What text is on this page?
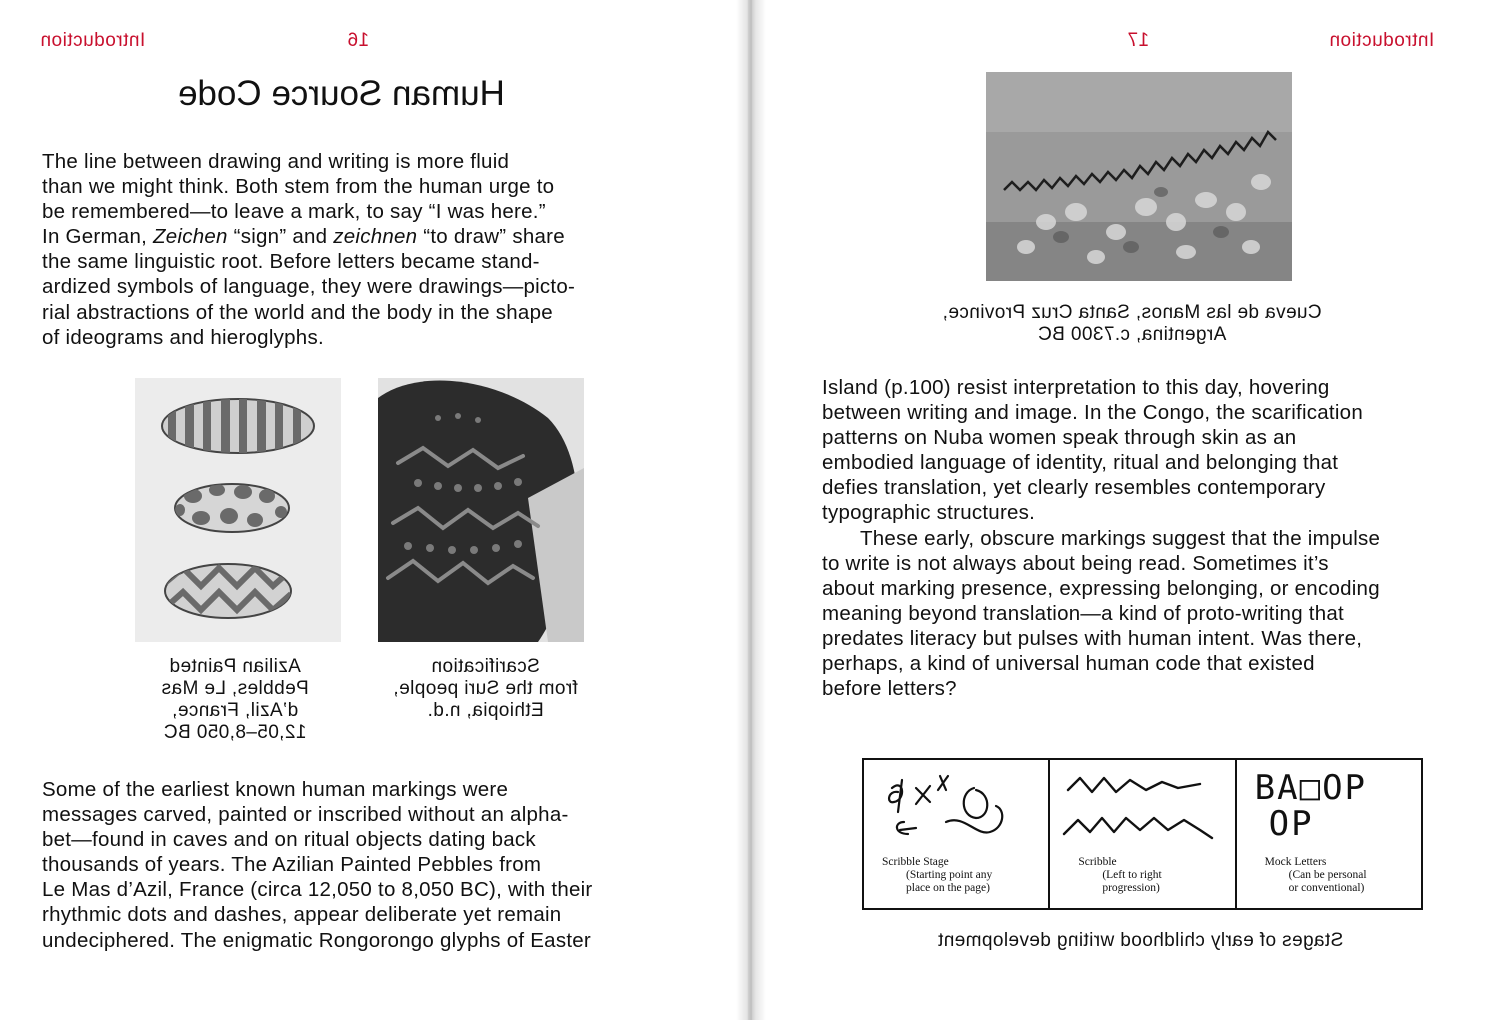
Introduction	16
Human Source Code

The line between drawing and writing is more fluid

than we might think. Both stem from the human urge to

be remembered—to leave a mark, to say “I was here.”

In German, Zeichen “sign” and zeichnen “to draw” share

the same linguistic root. Before letters became stand-

ardized symbols of language, they were drawings—picto-

rial abstractions of the world and the body in the shape

of ideograms and hieroglyphs.

Azilian Painted
Pebbles, Le Mas
d’Azil, France,
12,05–8,050 BC
Scarification
from the Suri people,
Ethiopia, n.d.

Some of the earliest known human markings were

messages carved, painted or inscribed without an alpha-

bet—found in caves and on ritual objects dating back

thousands of years. The Azilian Painted Pebbles from

Le Mas d’Azil, France (circa 12,050 to 8,050 BC), with their

rhythmic dots and dashes, appear deliberate yet remain

undeciphered. The enigmatic Rongorongo glyphs of Easter

17	Introduction
Cueva de las Manos, Santa Cruz Province,
Argentina, c.7300 BC

Island (p.100) resist interpretation to this day, hovering

between writing and image. In the Congo, the scarification

patterns on Nuba women speak through skin as an

embodied language of identity, ritual and belonging that

defies translation, yet clearly resembles contemporary

typographic structures.

These early, obscure markings suggest that the impulse

to write is not always about being read. Sometimes it’s

about marking presence, expressing belonging, or encoding

meaning beyond translation—a kind of proto-writing that

predates literacy but pulses with human intent. Was there,

perhaps, a kind of universal human code that existed

before letters?

Scribble Stage
(Starting point any
place on the page)
Scribble
(Left to right
progression)
BA□OP
OP
Mock Letters
(Can be personal
or conventional)
Stages of early childhood writing development
